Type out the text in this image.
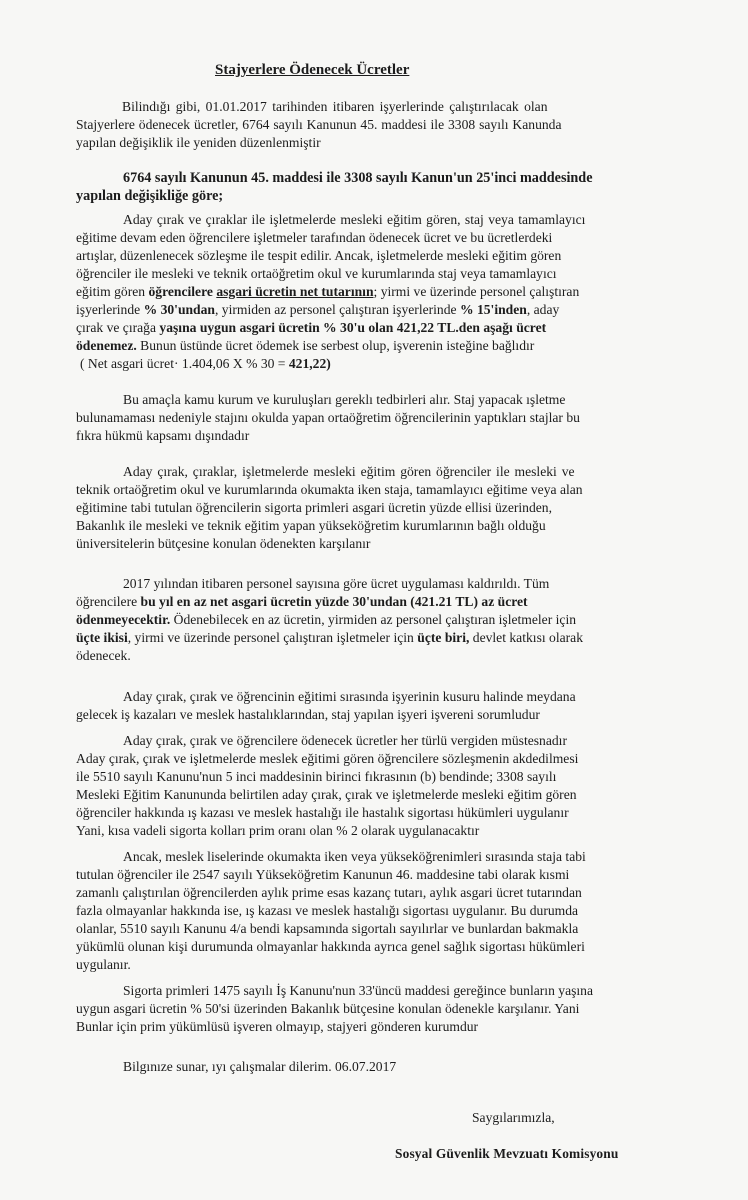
Stajyerlere Ödenecek Ücretler
Bilindığı gibi, 01.01.2017 tarihinden itibaren işyerlerinde çalıştırılacak olan
Stajyerlere ödenecek ücretler, 6764 sayılı Kanunun 45. maddesi ile 3308 sayılı Kanunda
yapılan değişiklik ile yeniden düzenlenmiştir
6764 sayılı Kanunun 45. maddesi ile 3308 sayılı Kanun'un 25'inci maddesinde
yapılan değişikliğe göre;
Aday çırak ve çıraklar ile işletmelerde mesleki eğitim gören, staj veya tamamlayıcı
eğitime devam eden öğrencilere işletmeler tarafından ödenecek ücret ve bu ücretlerdeki
artışlar, düzenlenecek sözleşme ile tespit edilir. Ancak, işletmelerde mesleki eğitim gören
öğrenciler ile mesleki ve teknik ortaöğretim okul ve kurumlarında staj veya tamamlayıcı
eğitim gören öğrencilere asgari ücretin net tutarının; yirmi ve üzerinde personel çalıştıran
işyerlerinde % 30'undan, yirmiden az personel çalıştıran işyerlerinde % 15'inden, aday
çırak ve çırağa yaşına uygun asgari ücretin % 30'u olan 421,22 TL.den aşağı ücret
ödenemez. Bunun üstünde ücret ödemek ise serbest olup, işverenin isteğine bağlıdır
( Net asgari ücret· 1.404,06 X % 30 = 421,22)
Bu amaçla kamu kurum ve kuruluşları gereklı tedbirleri alır. Staj yapacak ışletme
bulunamaması nedeniyle stajını okulda yapan ortaöğretim öğrencilerinin yaptıkları stajlar bu
fıkra hükmü kapsamı dışındadır
Aday çırak, çıraklar, işletmelerde mesleki eğitim gören öğrenciler ile mesleki ve
teknik ortaöğretim okul ve kurumlarında okumakta iken staja, tamamlayıcı eğitime veya alan
eğitimine tabi tutulan öğrencilerin sigorta primleri asgari ücretin yüzde ellisi üzerinden,
Bakanlık ile mesleki ve teknik eğitim yapan yükseköğretim kurumlarının bağlı olduğu
üniversitelerin bütçesine konulan ödenekten karşılanır
2017 yılından itibaren personel sayısına göre ücret uygulaması kaldırıldı. Tüm
öğrencilere bu yıl en az net asgari ücretin yüzde 30'undan (421.21 TL) az ücret
ödenmeyecektir. Ödenebilecek en az ücretin, yirmiden az personel çalıştıran işletmeler için
üçte ikisi, yirmi ve üzerinde personel çalıştıran işletmeler için üçte biri, devlet katkısı olarak
ödenecek.
Aday çırak, çırak ve öğrencinin eğitimi sırasında işyerinin kusuru halinde meydana
gelecek iş kazaları ve meslek hastalıklarından, staj yapılan işyeri işvereni sorumludur
Aday çırak, çırak ve öğrencilere ödenecek ücretler her türlü vergiden müstesnadır
Aday çırak, çırak ve işletmelerde meslek eğitimi gören öğrencilere sözleşmenin akdedilmesi
ile 5510 sayılı Kanunu'nun 5 inci maddesinin birinci fıkrasının (b) bendinde; 3308 sayılı
Mesleki Eğitim Kanununda belirtilen aday çırak, çırak ve işletmelerde mesleki eğitim gören
öğrenciler hakkında ış kazası ve meslek hastalığı ile hastalık sigortası hükümleri uygulanır
Yani, kısa vadeli sigorta kolları prim oranı olan % 2 olarak uygulanacaktır
Ancak, meslek liselerinde okumakta iken veya yükseköğrenimleri sırasında staja tabi
tutulan öğrenciler ile 2547 sayılı Yükseköğretim Kanunun 46. maddesine tabi olarak kısmi
zamanlı çalıştırılan öğrencilerden aylık prime esas kazanç tutarı, aylık asgari ücret tutarından
fazla olmayanlar hakkında ise, ış kazası ve meslek hastalığı sigortası uygulanır. Bu durumda
olanlar, 5510 sayılı Kanunu 4/a bendi kapsamında sigortalı sayılırlar ve bunlardan bakmakla
yükümlü olunan kişi durumunda olmayanlar hakkında ayrıca genel sağlık sigortası hükümleri
uygulanır.
Sigorta primleri 1475 sayılı İş Kanunu'nun 33'üncü maddesi gereğince bunların yaşına
uygun asgari ücretin % 50'si üzerinden Bakanlık bütçesine konulan ödenekle karşılanır. Yani
Bunlar için prim yükümlüsü işveren olmayıp, stajyeri gönderen kurumdur
Bilgınıze sunar, ıyı çalışmalar dilerim. 06.07.2017
Saygılarımızla,
Sosyal Güvenlik Mevzuatı Komisyonu
